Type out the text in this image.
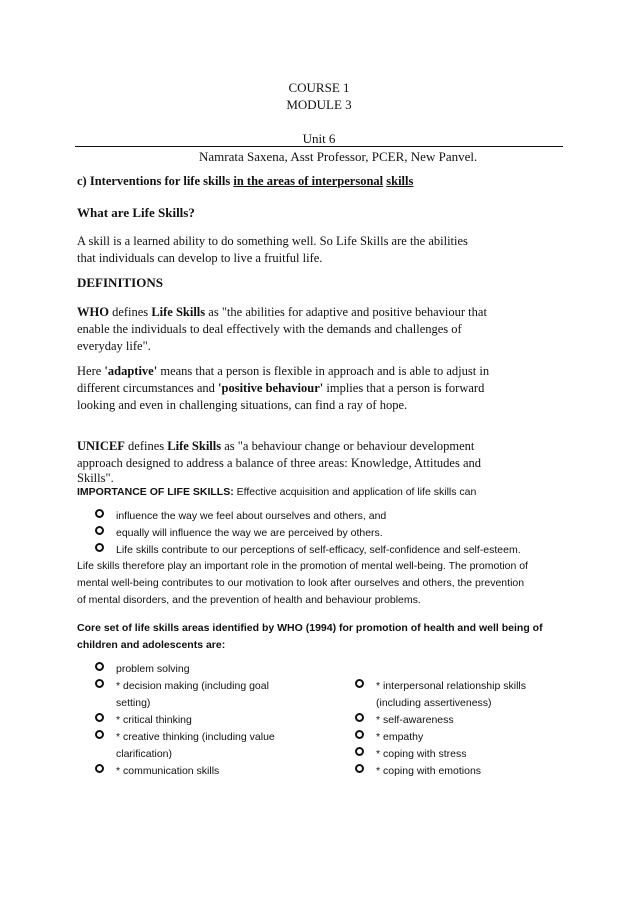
COURSE 1
MODULE 3
Unit 6
Namrata Saxena, Asst Professor, PCER, New Panvel.
c) Interventions for life skills in the areas of interpersonal skills
What are Life Skills?
A skill is a learned ability to do something well. So Life Skills are the abilities
that individuals can develop to live a fruitful life.
DEFINITIONS
WHO defines Life Skills as "the abilities for adaptive and positive behaviour that
enable the individuals to deal effectively with the demands and challenges of
everyday life".
Here 'adaptive' means that a person is flexible in approach and is able to adjust in
different circumstances and 'positive behaviour' implies that a person is forward
looking and even in challenging situations, can find a ray of hope.
UNICEF defines Life Skills as "a behaviour change or behaviour development
approach designed to address a balance of three areas: Knowledge, Attitudes and
Skills".
IMPORTANCE OF LIFE SKILLS: Effective acquisition and application of life skills can
influence the way we feel about ourselves and others, and
equally will influence the way we are perceived by others.
Life skills contribute to our perceptions of self-efficacy, self-confidence and self-esteem.
Life skills therefore play an important role in the promotion of mental well-being. The promotion of
mental well-being contributes to our motivation to look after ourselves and others, the prevention
of mental disorders, and the prevention of health and behaviour problems.
Core set of life skills areas identified by WHO (1994) for promotion of health and well being of
children and adolescents are:
problem solving
* decision making (including goal
setting)
* critical thinking
* creative thinking (including value
clarification)
* communication skills
* interpersonal relationship skills
(including assertiveness)
* self-awareness
* empathy
* coping with stress
* coping with emotions
